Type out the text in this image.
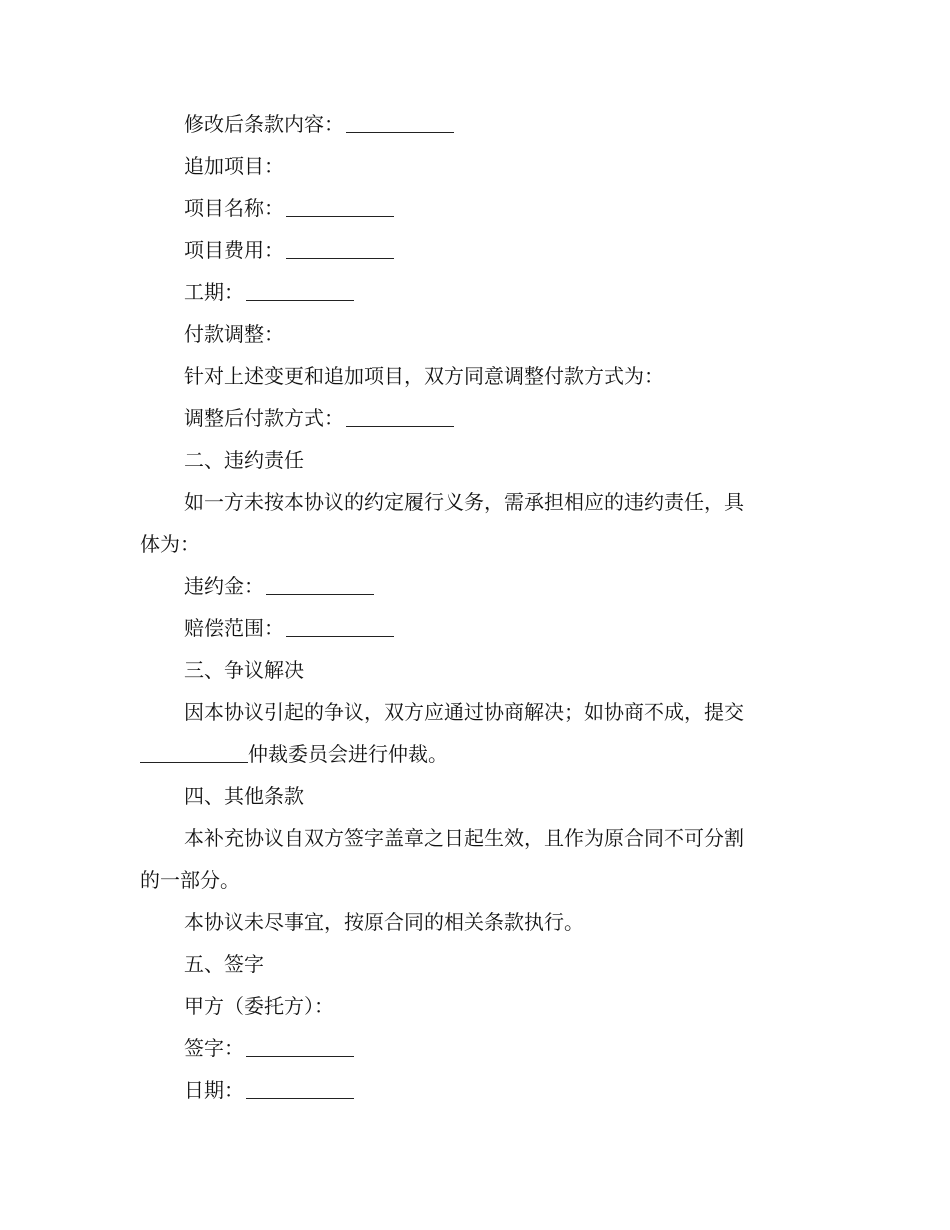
修改后条款内容：
追加项目：
项目名称：
项目费用：
工期：
付款调整：
针对上述变更和追加项目，双方同意调整付款方式为：
调整后付款方式：
二、违约责任
如一方未按本协议的约定履行义务，需承担相应的违约责任，具
体为：
违约金：
赔偿范围：
三、争议解决
因本协议引起的争议，双方应通过协商解决；如协商不成，提交
仲裁委员会进行仲裁。
四、其他条款
本补充协议自双方签字盖章之日起生效，且作为原合同不可分割
的一部分。
本协议未尽事宜，按原合同的相关条款执行。
五、签字
甲方（委托方）：
签字：
日期：
